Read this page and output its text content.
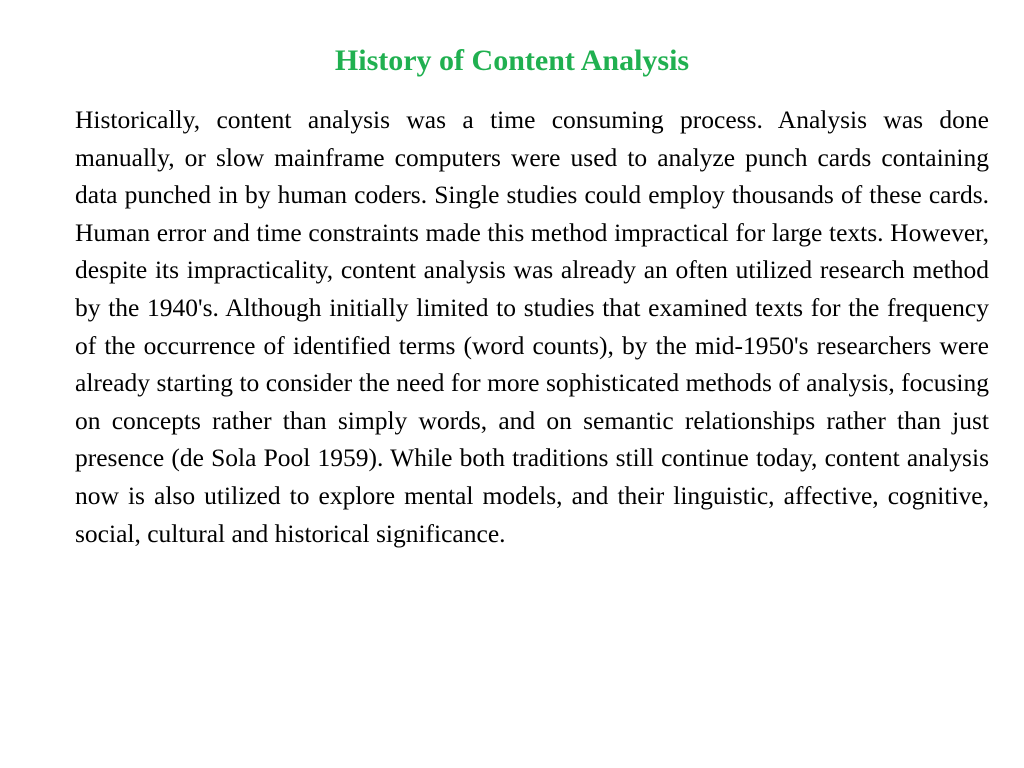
History of Content Analysis

Historically, content analysis was a time consuming process. Analysis was done manually, or slow mainframe computers were used to analyze punch cards containing data punched in by human coders. Single studies could employ thousands of these cards. Human error and time constraints made this method impractical for large texts. However, despite its impracticality, content analysis was already an often utilized research method by the 1940's. Although initially limited to studies that examined texts for the frequency of the occurrence of identified terms (word counts), by the mid-1950's researchers were already starting to consider the need for more sophisticated methods of analysis, focusing on concepts rather than simply words, and on semantic relationships rather than just presence (de Sola Pool 1959). While both traditions still continue today, content analysis now is also utilized to explore mental models, and their linguistic, affective, cognitive, social, cultural and historical significance.
